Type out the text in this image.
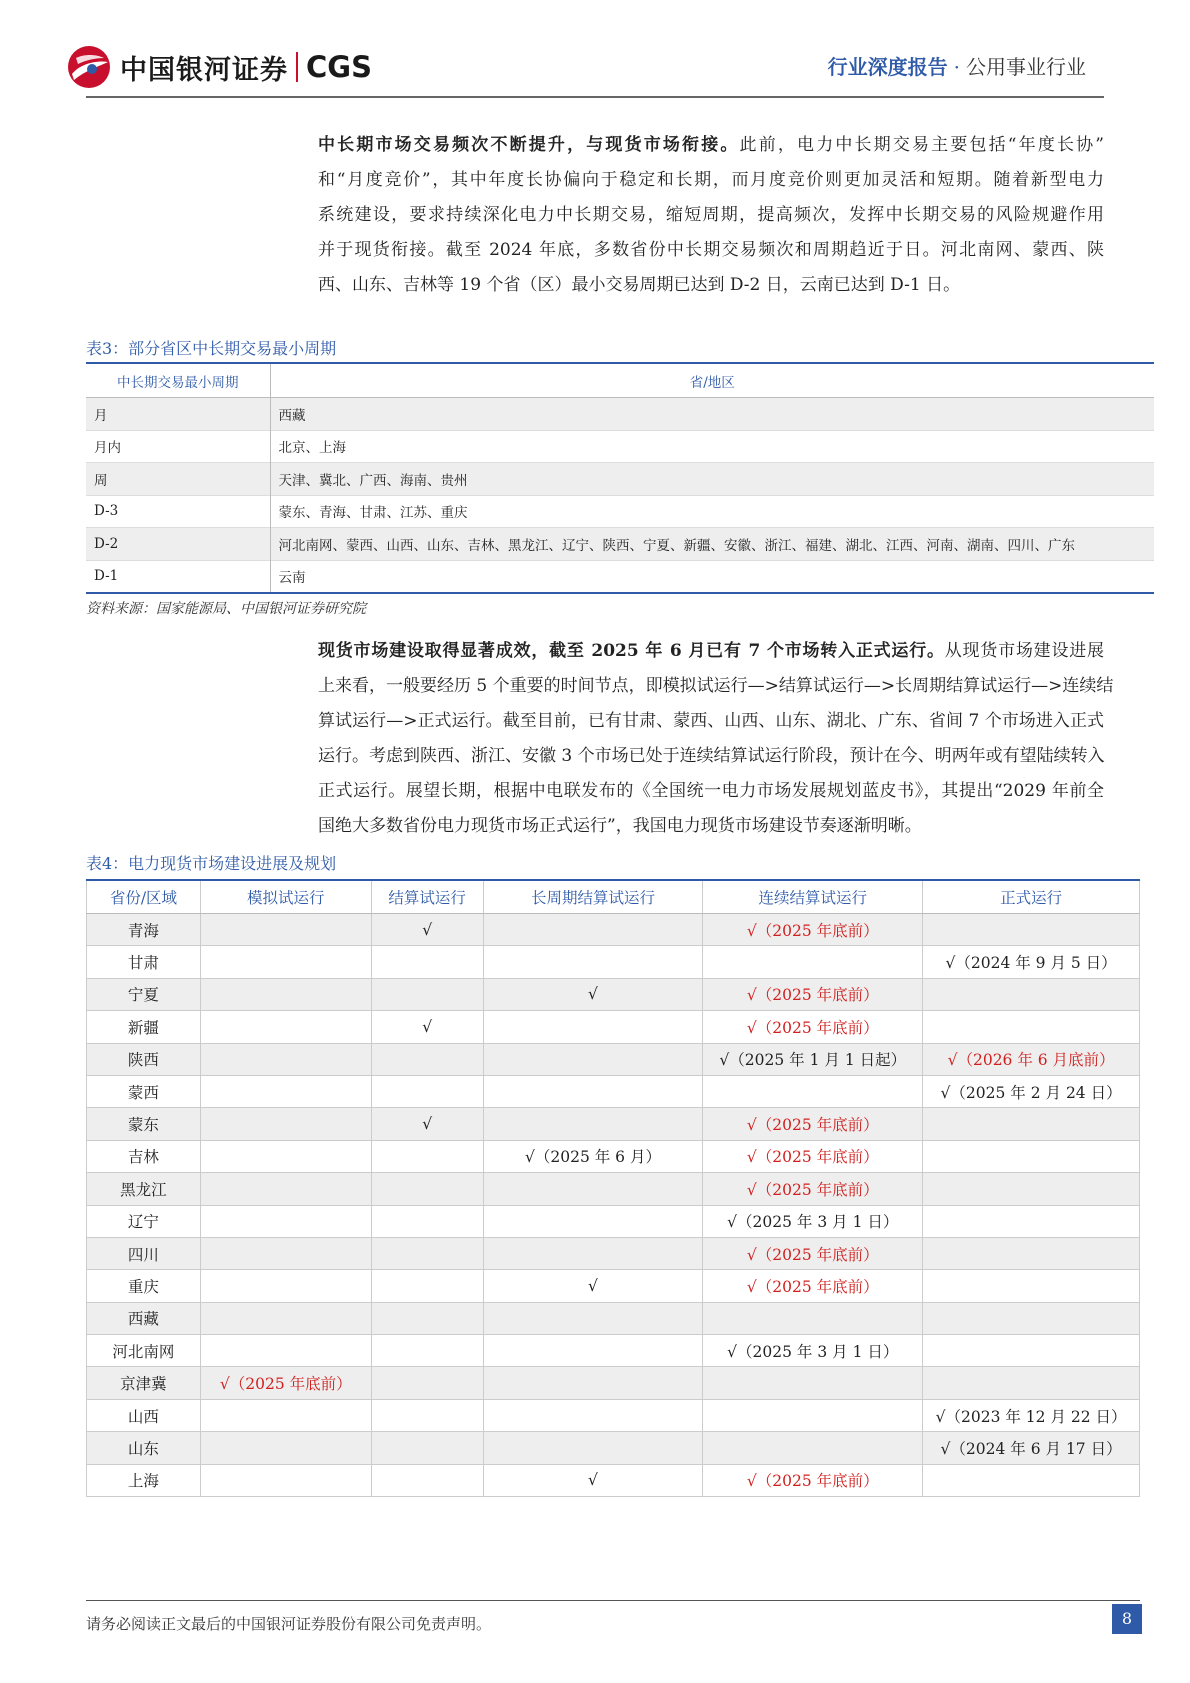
中国银河证券 CGS	行业深度报告 · 公用事业行业
中长期市场交易频次不断提升，与现货市场衔接。此前，电力中长期交易主要包括“年度长协”
和“月度竞价”，其中年度长协偏向于稳定和长期，而月度竞价则更加灵活和短期。随着新型电力
系统建设，要求持续深化电力中长期交易，缩短周期，提高频次，发挥中长期交易的风险规避作用
并于现货衔接。截至 2024 年底，多数省份中长期交易频次和周期趋近于日。河北南网、蒙西、陕
西、山东、吉林等 19 个省（区）最小交易周期已达到 D-2 日，云南已达到 D-1 日。
表3：部分省区中长期交易最小周期
中长期交易最小周期	省/地区
月	西藏
月内	北京、上海
周	天津、冀北、广西、海南、贵州
D-3	蒙东、青海、甘肃、江苏、重庆
D-2	河北南网、蒙西、山西、山东、吉林、黑龙江、辽宁、陕西、宁夏、新疆、安徽、浙江、福建、湖北、江西、河南、湖南、四川、广东
D-1	云南
资料来源：国家能源局、中国银河证券研究院
现货市场建设取得显著成效，截至 2025 年 6 月已有 7 个市场转入正式运行。从现货市场建设进展
上来看，一般要经历 5 个重要的时间节点，即模拟试运行—>结算试运行—>长周期结算试运行—>连续结
算试运行—>正式运行。截至目前，已有甘肃、蒙西、山西、山东、湖北、广东、省间 7 个市场进入正式
运行。考虑到陕西、浙江、安徽 3 个市场已处于连续结算试运行阶段，预计在今、明两年或有望陆续转入
正式运行。展望长期，根据中电联发布的《全国统一电力市场发展规划蓝皮书》，其提出“2029 年前全
国绝大多数省份电力现货市场正式运行”，我国电力现货市场建设节奏逐渐明晰。
表4：电力现货市场建设进展及规划
省份/区域	模拟试运行	结算试运行	长周期结算试运行	连续结算试运行	正式运行
青海		√		√（2025 年底前）	
甘肃					√（2024 年 9 月 5 日）
宁夏			√	√（2025 年底前）	
新疆		√		√（2025 年底前）	
陕西				√（2025 年 1 月 1 日起）	√（2026 年 6 月底前）
蒙西					√（2025 年 2 月 24 日）
蒙东		√		√（2025 年底前）	
吉林			√（2025 年 6 月）	√（2025 年底前）	
黑龙江				√（2025 年底前）	
辽宁				√（2025 年 3 月 1 日）	
四川				√（2025 年底前）	
重庆			√	√（2025 年底前）	
西藏					
河北南网				√（2025 年 3 月 1 日）	
京津冀	√（2025 年底前）				
山西					√（2023 年 12 月 22 日）
山东					√（2024 年 6 月 17 日）
上海			√	√（2025 年底前）	
请务必阅读正文最后的中国银河证券股份有限公司免责声明。	8
